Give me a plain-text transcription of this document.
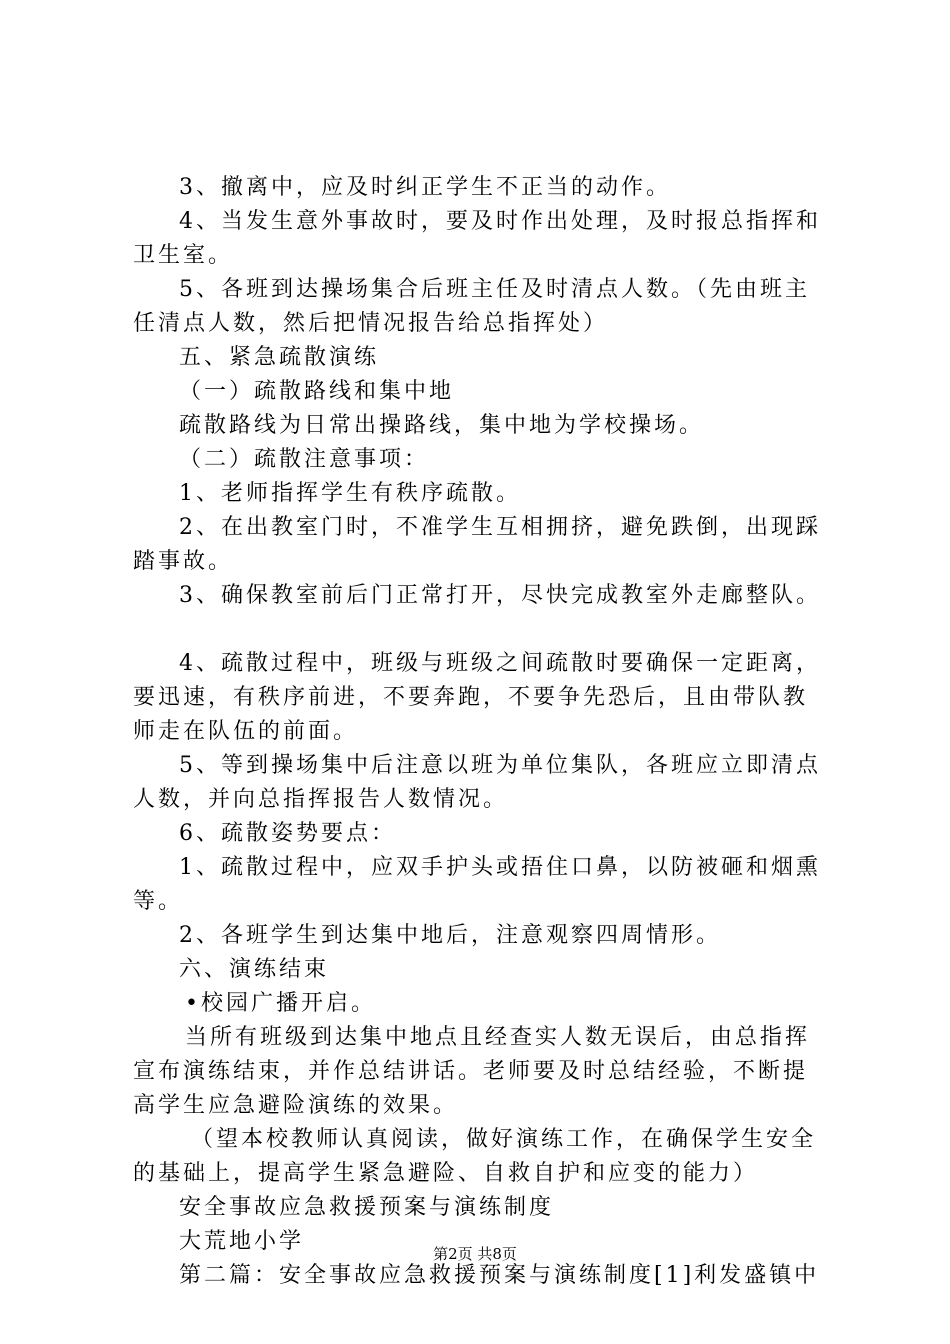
3、撤离中，应及时纠正学生不正当的动作。
4、当发生意外事故时，要及时作出处理，及时报总指挥和
卫生室。
5、各班到达操场集合后班主任及时清点人数。（先由班主
任清点人数，然后把情况报告给总指挥处）
五、紧急疏散演练
（一）疏散路线和集中地
疏散路线为日常出操路线，集中地为学校操场。
（二）疏散注意事项：
1、老师指挥学生有秩序疏散。
2、在出教室门时，不准学生互相拥挤，避免跌倒，出现踩
踏事故。
3、确保教室前后门正常打开，尽快完成教室外走廊整队。
4、疏散过程中，班级与班级之间疏散时要确保一定距离，
要迅速，有秩序前进，不要奔跑，不要争先恐后，且由带队教
师走在队伍的前面。
5、等到操场集中后注意以班为单位集队，各班应立即清点
人数，并向总指挥报告人数情况。
6、疏散姿势要点：
1、疏散过程中，应双手护头或捂住口鼻，以防被砸和烟熏
等。
2、各班学生到达集中地后，注意观察四周情形。
六、演练结束
•校园广播开启。
当所有班级到达集中地点且经查实人数无误后，由总指挥
宣布演练结束，并作总结讲话。老师要及时总结经验，不断提
高学生应急避险演练的效果。
（望本校教师认真阅读，做好演练工作，在确保学生安全
的基础上，提高学生紧急避险、自救自护和应变的能力）
安全事故应急救援预案与演练制度
大荒地小学
第二篇：安全事故应急救援预案与演练制度[1]利发盛镇中
第2页 共8页
